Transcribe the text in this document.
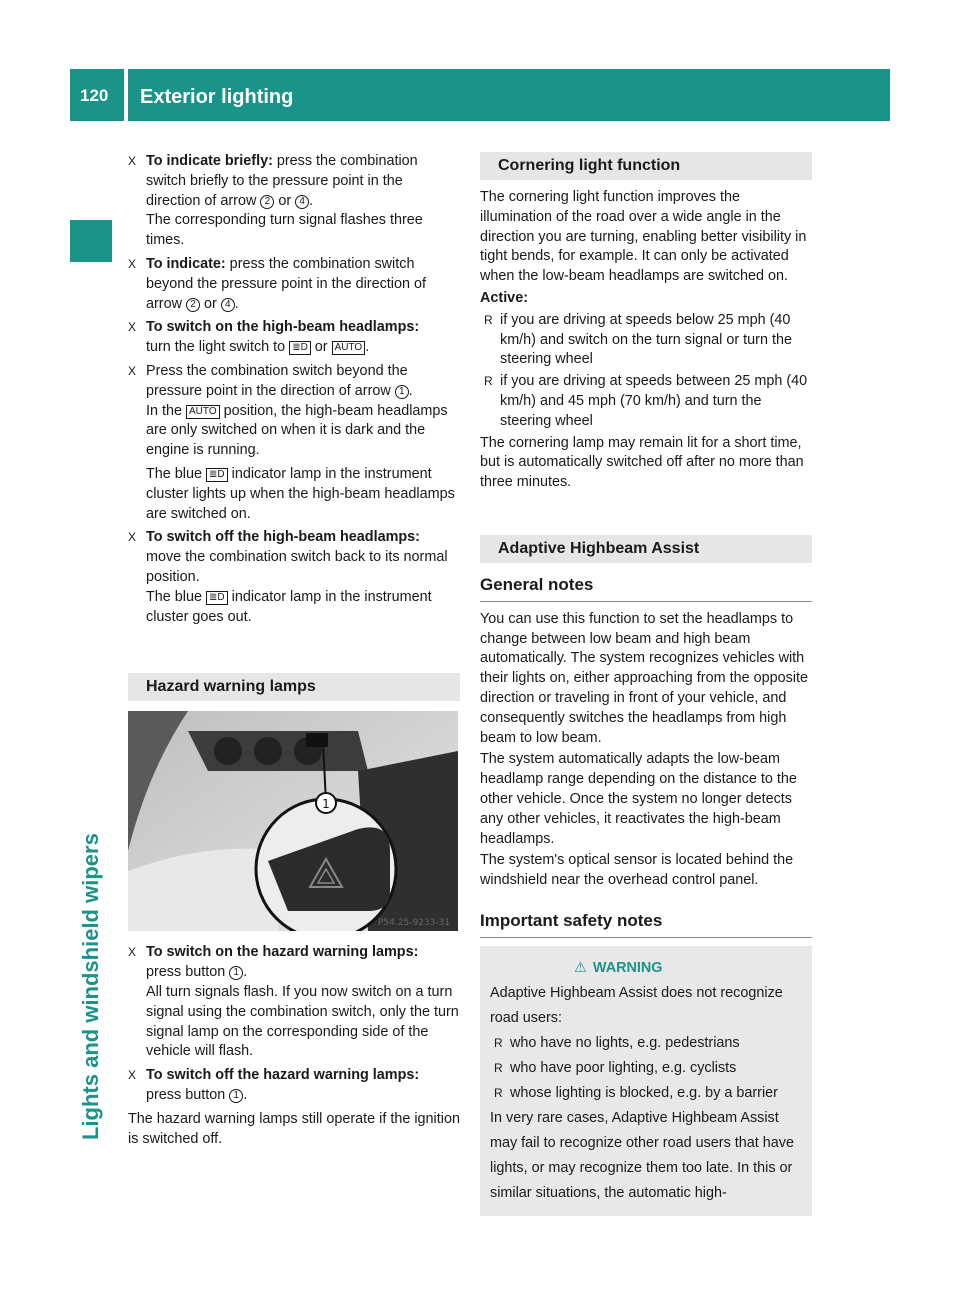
120 Exterior lighting
Lights and windshield wipers
X To indicate briefly: press the combination switch briefly to the pressure point in the direction of arrow 2 or 4 .

The corresponding turn signal flashes three times.

X To indicate: press the combination switch beyond the pressure point in the direction of arrow 2 or 4 .

X To switch on the high-beam headlamps:

turn the light switch to ≣D or AUTO .

X Press the combination switch beyond the pressure point in the direction of arrow 1 .

In the AUTO position, the high-beam headlamps are only switched on when it is dark and the engine is running.

The blue ≣D indicator lamp in the instrument cluster lights up when the high-beam headlamps are switched on.

X To switch off the high-beam headlamps:

move the combination switch back to its normal position.

The blue ≣D indicator lamp in the instrument cluster goes out.

Hazard warning lamps
1
P54.25-9233-31
X To switch on the hazard warning lamps:

press button 1 .

All turn signals flash. If you now switch on a turn signal using the combination switch, only the turn signal lamp on the corresponding side of the vehicle will flash.

X To switch off the hazard warning lamps:

press button 1 .

The hazard warning lamps still operate if the ignition is switched off.

Cornering light function

The cornering light function improves the illumination of the road over a wide angle in the direction you are turning, enabling better visibility in tight bends, for example. It can only be activated when the low-beam headlamps are switched on.

Active:

R if you are driving at speeds below 25 mph (40 km/h) and switch on the turn signal or turn the steering wheel
R if you are driving at speeds between 25 mph (40 km/h) and 45 mph (70 km/h) and turn the steering wheel

The cornering lamp may remain lit for a short time, but is automatically switched off after no more than three minutes.

Adaptive Highbeam Assist
General notes

You can use this function to set the headlamps to change between low beam and high beam automatically. The system recognizes vehicles with their lights on, either approaching from the opposite direction or traveling in front of your vehicle, and consequently switches the headlamps from high beam to low beam.

The system automatically adapts the low-beam headlamp range depending on the distance to the other vehicle. Once the system no longer detects any other vehicles, it reactivates the high-beam headlamps.

The system's optical sensor is located behind the windshield near the overhead control panel.

Important safety notes
⚠ WARNING

Adaptive Highbeam Assist does not recognize road users:

R who have no lights, e.g. pedestrians
R who have poor lighting, e.g. cyclists
R whose lighting is blocked, e.g. by a barrier

In very rare cases, Adaptive Highbeam Assist may fail to recognize other road users that have lights, or may recognize them too late. In this or similar situations, the automatic high-
